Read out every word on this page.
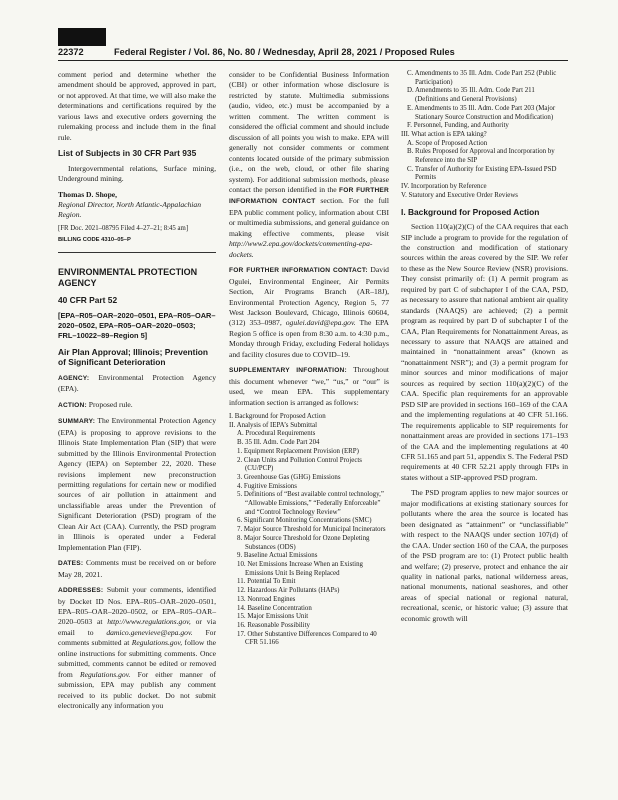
22372	Federal Register / Vol. 86, No. 80 / Wednesday, April 28, 2021 / Proposed Rules

comment period and determine whether the amendment should be approved, approved in part, or not approved. At that time, we will also make the determinations and certifications required by the various laws and executive orders governing the rulemaking process and include them in the final rule.

List of Subjects in 30 CFR Part 935

Intergovernmental relations, Surface mining, Underground mining.

Thomas D. Shope,
Regional Director, North Atlantic-Appalachian Region.
[FR Doc. 2021–08795 Filed 4–27–21; 8:45 am]
BILLING CODE 4310–05–P
ENVIRONMENTAL PROTECTION AGENCY
40 CFR Part 52
[EPA–R05–OAR–2020–0501, EPA–R05–OAR–2020–0502, EPA–R05–OAR–2020–0503; FRL–10022–89–Region 5]
Air Plan Approval; Illinois; Prevention of Significant Deterioration

AGENCY: Environmental Protection Agency (EPA).

ACTION: Proposed rule.

SUMMARY: The Environmental Protection Agency (EPA) is proposing to approve revisions to the Illinois State Implementation Plan (SIP) that were submitted by the Illinois Environmental Protection Agency (IEPA) on September 22, 2020. These revisions implement new preconstruction permitting regulations for certain new or modified sources of air pollution in attainment and unclassifiable areas under the Prevention of Significant Deterioration (PSD) program of the Clean Air Act (CAA). Currently, the PSD program in Illinois is operated under a Federal Implementation Plan (FIP).

DATES: Comments must be received on or before May 28, 2021.

ADDRESSES: Submit your comments, identified by Docket ID Nos. EPA–R05–OAR–2020–0501, EPA–R05–OAR–2020–0502, or EPA–R05–OAR–2020–0503 at http://www.regulations.gov, or via email to damico.genevieve@epa.gov. For comments submitted at Regulations.gov, follow the online instructions for submitting comments. Once submitted, comments cannot be edited or removed from Regulations.gov. For either manner of submission, EPA may publish any comment received to its public docket. Do not submit electronically any information you

consider to be Confidential Business Information (CBI) or other information whose disclosure is restricted by statute. Multimedia submissions (audio, video, etc.) must be accompanied by a written comment. The written comment is considered the official comment and should include discussion of all points you wish to make. EPA will generally not consider comments or comment contents located outside of the primary submission (i.e., on the web, cloud, or other file sharing system). For additional submission methods, please contact the person identified in the FOR FURTHER INFORMATION CONTACT section. For the full EPA public comment policy, information about CBI or multimedia submissions, and general guidance on making effective comments, please visit http://www2.epa.gov/dockets/commenting-epa-dockets.

FOR FURTHER INFORMATION CONTACT: David Ogulei, Environmental Engineer, Air Permits Section, Air Programs Branch (AR–18J), Environmental Protection Agency, Region 5, 77 West Jackson Boulevard, Chicago, Illinois 60604, (312) 353–0987, ogulei.david@epa.gov. The EPA Region 5 office is open from 8:30 a.m. to 4:30 p.m., Monday through Friday, excluding Federal holidays and facility closures due to COVID–19.

SUPPLEMENTARY INFORMATION: Throughout this document whenever “we,” “us,” or “our” is used, we mean EPA. This supplementary information section is arranged as follows:

I. Background for Proposed Action
II. Analysis of IEPA’s Submittal
A. Procedural Requirements
B. 35 Ill. Adm. Code Part 204
1. Equipment Replacement Provision (ERP)
2. Clean Units and Pollution Control Projects (CU/PCP)
3. Greenhouse Gas (GHG) Emissions
4. Fugitive Emissions
5. Definitions of “Best available control technology,” “Allowable Emissions,” “Federally Enforceable” and “Control Technology Review”
6. Significant Monitoring Concentrations (SMC)
7. Major Source Threshold for Municipal Incinerators
8. Major Source Threshold for Ozone Depleting Substances (ODS)
9. Baseline Actual Emissions
10. Net Emissions Increase When an Existing Emissions Unit Is Being Replaced
11. Potential To Emit
12. Hazardous Air Pollutants (HAPs)
13. Nonroad Engines
14. Baseline Concentration
15. Major Emissions Unit
16. Reasonable Possibility
17. Other Substantive Differences Compared to 40 CFR 51.166
C. Amendments to 35 Ill. Adm. Code Part 252 (Public Participation)
D. Amendments to 35 Ill. Adm. Code Part 211 (Definitions and General Provisions)
E. Amendments to 35 Ill. Adm. Code Part 203 (Major Stationary Source Construction and Modification)
F. Personnel, Funding, and Authority
III. What action is EPA taking?
A. Scope of Proposed Action
B. Rules Proposed for Approval and Incorporation by Reference into the SIP
C. Transfer of Authority for Existing EPA-Issued PSD Permits
IV. Incorporation by Reference
V. Statutory and Executive Order Reviews
I. Background for Proposed Action

Section 110(a)(2)(C) of the CAA requires that each SIP include a program to provide for the regulation of the construction and modification of stationary sources within the areas covered by the SIP. We refer to these as the New Source Review (NSR) provisions. They consist primarily of: (1) A permit program as required by part C of subchapter I of the CAA, PSD, as necessary to assure that national ambient air quality standards (NAAQS) are achieved; (2) a permit program as required by part D of subchapter I of the CAA, Plan Requirements for Nonattainment Areas, as necessary to assure that NAAQS are attained and maintained in “nonattainment areas” (known as “nonattainment NSR”); and (3) a permit program for minor sources and minor modifications of major sources as required by section 110(a)(2)(C) of the CAA. Specific plan requirements for an approvable PSD SIP are provided in sections 160–169 of the CAA and the implementing regulations at 40 CFR 51.166. The requirements applicable to SIP requirements for nonattainment areas are provided in sections 171–193 of the CAA and the implementing regulations at 40 CFR 51.165 and part 51, appendix S. The Federal PSD requirements at 40 CFR 52.21 apply through FIPs in states without a SIP-approved PSD program.

The PSD program applies to new major sources or major modifications at existing stationary sources for pollutants where the area the source is located has been designated as “attainment” or “unclassifiable” with respect to the NAAQS under section 107(d) of the CAA. Under section 160 of the CAA, the purposes of the PSD program are to: (1) Protect public health and welfare; (2) preserve, protect and enhance the air quality in national parks, national wilderness areas, national monuments, national seashores, and other areas of special national or regional natural, recreational, scenic, or historic value; (3) assure that economic growth will
